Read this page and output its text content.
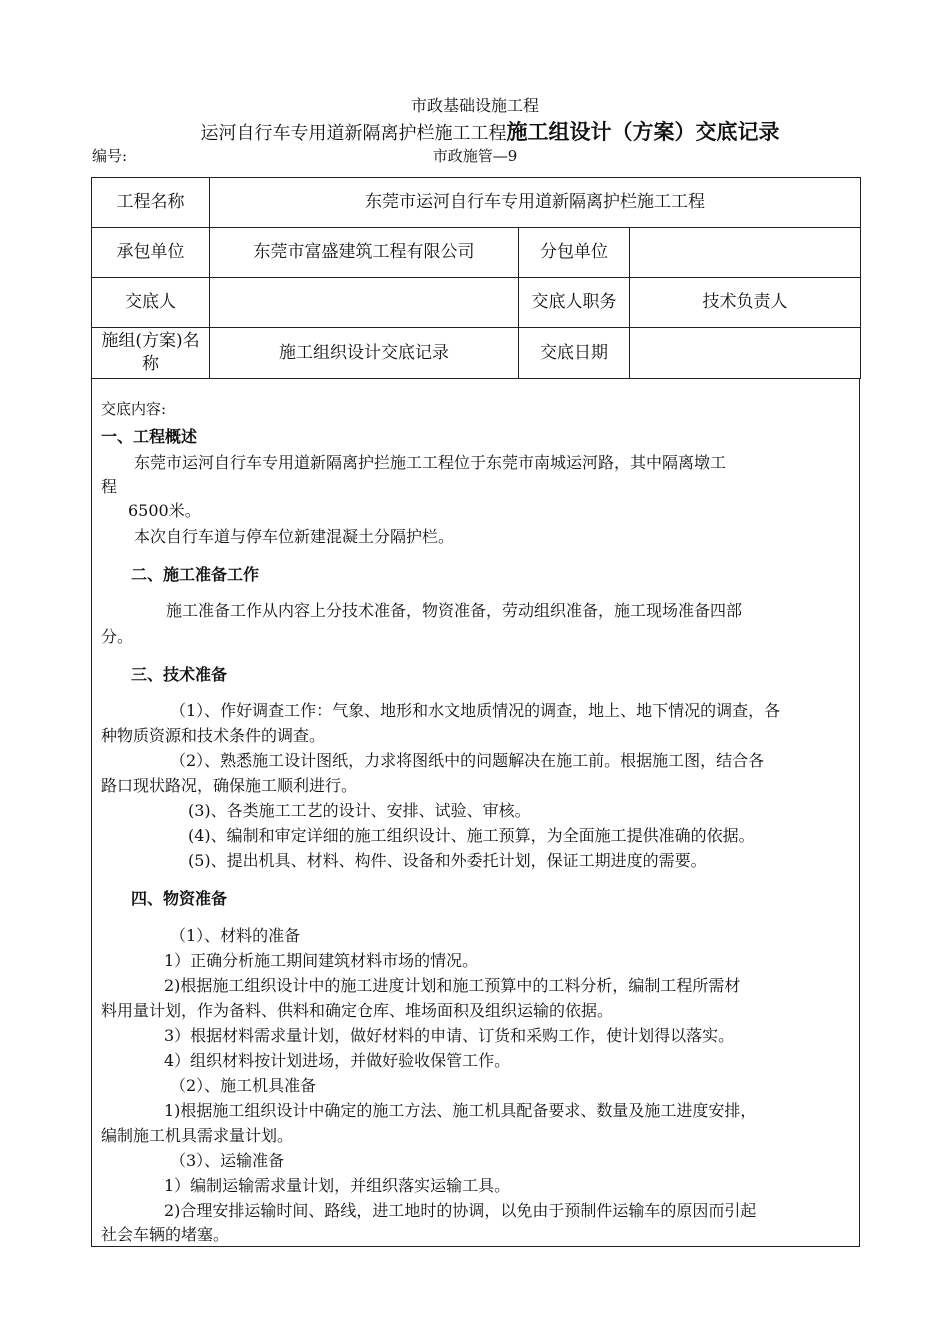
市政基础设施工程
运河自行车专用道新隔离护栏施工工程施工组设计（方案）交底记录
编号:	市政施管—9
工程名称	东莞市运河自行车专用道新隔离护栏施工工程		
承包单位	东莞市富盛建筑工程有限公司	分包单位	
交底人		交底人职务	技术负责人
施组(方案)名称	施工组织设计交底记录	交底日期	
交底内容:
一、工程概述
东莞市运河自行车专用道新隔离护拦施工工程位于东莞市南城运河路，其中隔离墩工
程
6500米。
本次自行车道与停车位新建混凝土分隔护栏。
二、施工准备工作
施工准备工作从内容上分技术准备，物资准备，劳动组织准备，施工现场准备四部
分。
三、技术准备
（1）、作好调查工作：气象、地形和水文地质情况的调查，地上、地下情况的调查，各
种物质资源和技术条件的调查。
（2）、熟悉施工设计图纸，力求将图纸中的问题解决在施工前。根据施工图，结合各
路口现状路况，确保施工顺利进行。
(3)、各类施工工艺的设计、安排、试验、审核。
(4)、编制和审定详细的施工组织设计、施工预算，为全面施工提供准确的依据。
(5)、提出机具、材料、构件、设备和外委托计划，保证工期进度的需要。
四、物资准备
（1）、材料的准备
1）正确分析施工期间建筑材料市场的情况。
2)根据施工组织设计中的施工进度计划和施工预算中的工料分析，编制工程所需材
料用量计划，作为备料、供料和确定仓库、堆场面积及组织运输的依据。
3）根据材料需求量计划，做好材料的申请、订货和采购工作，使计划得以落实。
4）组织材料按计划进场，并做好验收保管工作。
（2）、施工机具准备
1)根据施工组织设计中确定的施工方法、施工机具配备要求、数量及施工进度安排，
编制施工机具需求量计划。
（3）、运输准备
1）编制运输需求量计划，并组织落实运输工具。
2)合理安排运输时间、路线，进工地时的协调，以免由于预制件运输车的原因而引起
社会车辆的堵塞。
